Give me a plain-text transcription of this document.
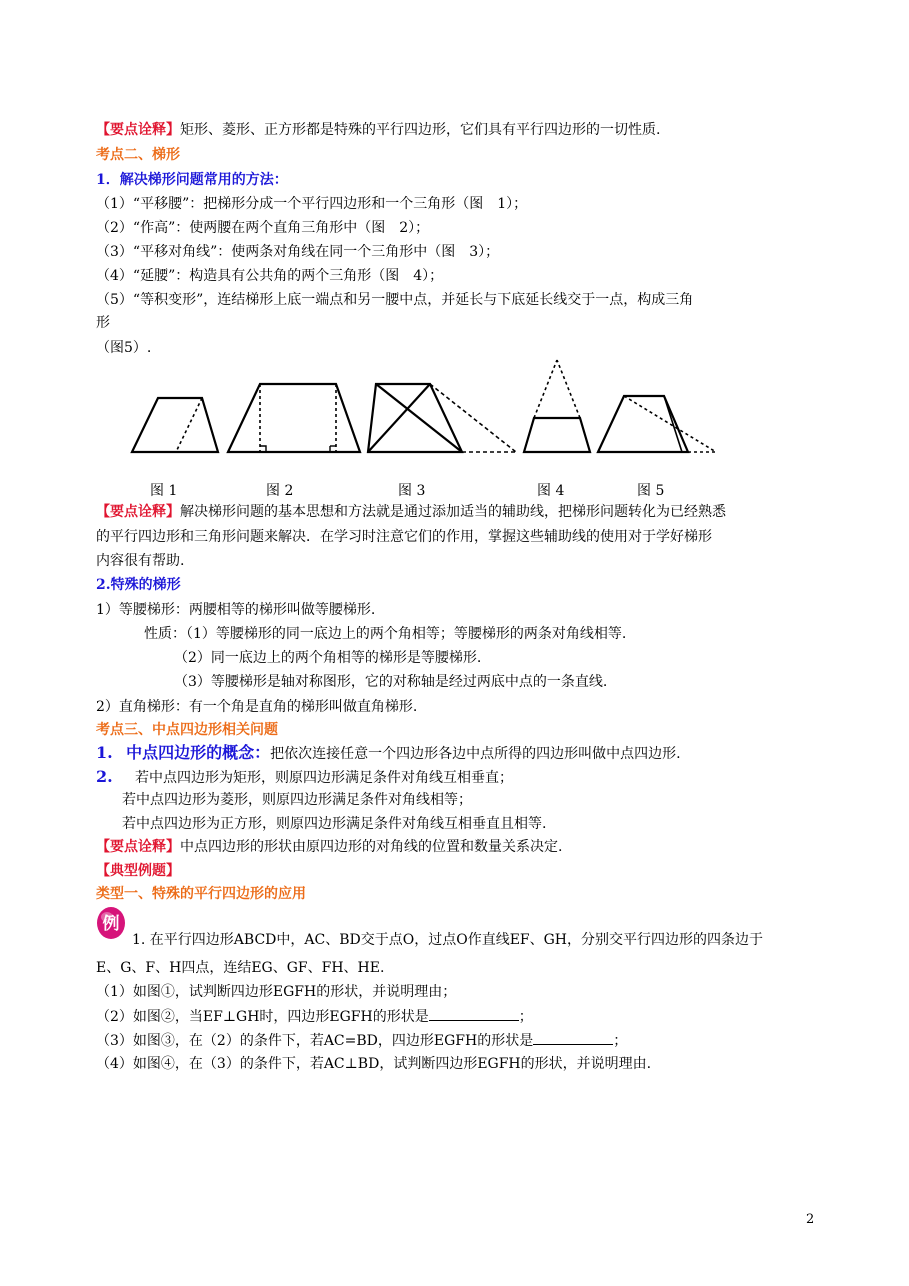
【要点诠释】矩形、菱形、正方形都是特殊的平行四边形，它们具有平行四边形的一切性质.
考点二、梯形
1．解决梯形问题常用的方法：
（1）“平移腰”：把梯形分成一个平行四边形和一个三角形（图　1）；
（2）“作高”：使两腰在两个直角三角形中（图　2）；
（3）“平移对角线”：使两条对角线在同一个三角形中（图　3）；
（4）“延腰”：构造具有公共角的两个三角形（图　4）；
（5）“等积变形”，连结梯形上底一端点和另一腰中点，并延长与下底延长线交于一点，构成三角
形
（图5）.
图 1	图 2	图 3	图 4	图 5
【要点诠释】解决梯形问题的基本思想和方法就是通过添加适当的辅助线，把梯形问题转化为已经熟悉
的平行四边形和三角形问题来解决．在学习时注意它们的作用，掌握这些辅助线的使用对于学好梯形
内容很有帮助.
2.特殊的梯形
1）等腰梯形：两腰相等的梯形叫做等腰梯形.
性质：（1）等腰梯形的同一底边上的两个角相等；等腰梯形的两条对角线相等.
（2）同一底边上的两个角相等的梯形是等腰梯形.
（3）等腰梯形是轴对称图形，它的对称轴是经过两底中点的一条直线.
2）直角梯形：有一个角是直角的梯形叫做直角梯形.
考点三、中点四边形相关问题
1. 中点四边形的概念：把依次连接任意一个四边形各边中点所得的四边形叫做中点四边形.
2. 若中点四边形为矩形，则原四边形满足条件对角线互相垂直；
若中点四边形为菱形，则原四边形满足条件对角线相等；
若中点四边形为正方形，则原四边形满足条件对角线互相垂直且相等.
【要点诠释】中点四边形的形状由原四边形的对角线的位置和数量关系决定.
【典型例题】
类型一、特殊的平行四边形的应用
例
1. 在平行四边形ABCD中，AC、BD交于点O，过点O作直线EF、GH，分别交平行四边形的四条边于
E、G、F、H四点，连结EG、GF、FH、HE.
（1）如图①，试判断四边形EGFH的形状，并说明理由；
（2）如图②，当EF⊥GH时，四边形EGFH的形状是	；
（3）如图③，在（2）的条件下，若AC=BD，四边形EGFH的形状是	；
（4）如图④，在（3）的条件下，若AC⊥BD，试判断四边形EGFH的形状，并说明理由.
2
